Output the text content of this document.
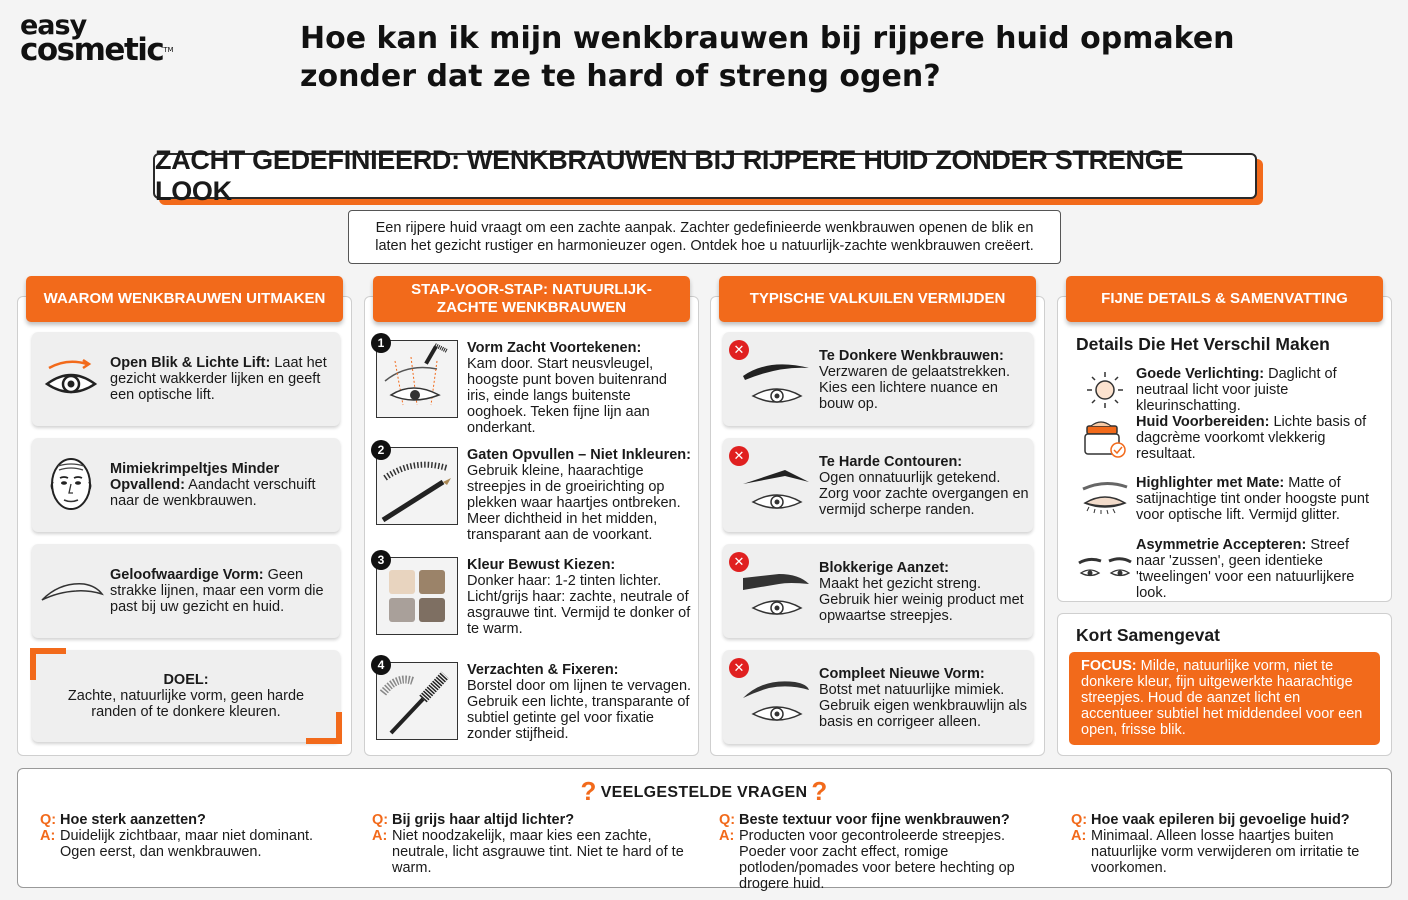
easy
cosmetic™	Hoe kan ik mijn wenkbrauwen bij rijpere huid opmaken zonder dat ze te hard of streng ogen?
ZACHT GEDEFINIEERD: WENKBRAUWEN BIJ RIJPERE HUID ZONDER STRENGE LOOK
Een rijpere huid vraagt om een zachte aanpak. Zachter gedefinieerde wenkbrauwen openen de blik en laten het gezicht rustiger en harmonieuzer ogen. Ontdek hoe u natuurlijk-zachte wenkbrauwen creëert.
WAAROM WENKBRAUWEN UITMAKEN
STAP-VOOR-STAP: NATUURLIJK-ZACHTE WENKBRAUWEN
TYPISCHE VALKUILEN VERMIJDEN	FIJNE DETAILS & SAMENVATTING
Open Blik & Lichte Lift: Laat het gezicht wakkerder lijken en geeft een optische lift.
Mimiekrimpeltjes Minder Opvallend: Aandacht verschuift naar de wenkbrauwen.
Geloofwaardige Vorm: Geen strakke lijnen, maar een vorm die past bij uw gezicht en huid.
DOEL:
Zachte, natuurlijke vorm, geen harde randen of te donkere kleuren.
1	Vorm Zacht Voortekenen:
Kam door. Start neusvleugel, hoogste punt boven buitenrand iris, einde langs buitenste ooghoek. Teken fijne lijn aan onderkant.
2	Gaten Opvullen – Niet Inkleuren:
Gebruik kleine, haarachtige streepjes in de groeirichting op plekken waar haartjes ontbreken. Meer dichtheid in het midden, transparant aan de voorkant.
3	Kleur Bewust Kiezen:
Donker haar: 1-2 tinten lichter. Licht/grijs haar: zachte, neutrale of asgrauwe tint. Vermijd te donker of te warm.
4	Verzachten & Fixeren:
Borstel door om lijnen te vervagen. Gebruik een lichte, transparante of subtiel getinte gel voor fixatie zonder stijfheid.
✕	Te Donkere Wenkbrauwen:
Verzwaren de gelaatstrekken. Kies een lichtere nuance en bouw op.
✕	Te Harde Contouren:
Ogen onnatuurlijk getekend. Zorg voor zachte overgangen en vermijd scherpe randen.
✕	Blokkerige Aanzet:
Maakt het gezicht streng. Gebruik hier weinig product met opwaartse streepjes.
✕	Compleet Nieuwe Vorm:
Botst met natuurlijke mimiek. Gebruik eigen wenkbrauwlijn als basis en corrigeer alleen.
Details Die Het Verschil Maken
Goede Verlichting: Daglicht of neutraal licht voor juiste kleurinschatting.
Huid Voorbereiden: Lichte basis of dagcrème voorkomt vlekkerig resultaat.
Highlighter met Mate: Matte of satijnachtige tint onder hoogste punt voor optische lift. Vermijd glitter.
Asymmetrie Accepteren: Streef naar 'zussen', geen identieke 'tweelingen' voor een natuurlijkere look.
Kort Samengevat
FOCUS: Milde, natuurlijke vorm, niet te donkere kleur, fijn uitgewerkte haarachtige streepjes. Houd de aanzet licht en accentueer subtiel het middendeel voor een open, frisse blik.
? VEELGESTELDE VRAGEN ?
Q: Hoe sterk aanzetten?
A: Duidelijk zichtbaar, maar niet dominant. Ogen eerst, dan wenkbrauwen.
Q: Bij grijs haar altijd lichter?
A: Niet noodzakelijk, maar kies een zachte, neutrale, licht asgrauwe tint. Niet te hard of te warm.
Q: Beste textuur voor fijne wenkbrauwen?
A: Producten voor gecontroleerde streepjes. Poeder voor zacht effect, romige potloden/pomades voor betere hechting op drogere huid.
Q: Hoe vaak epileren bij gevoelige huid?
A: Minimaal. Alleen losse haartjes buiten natuurlijke vorm verwijderen om irritatie te voorkomen.
